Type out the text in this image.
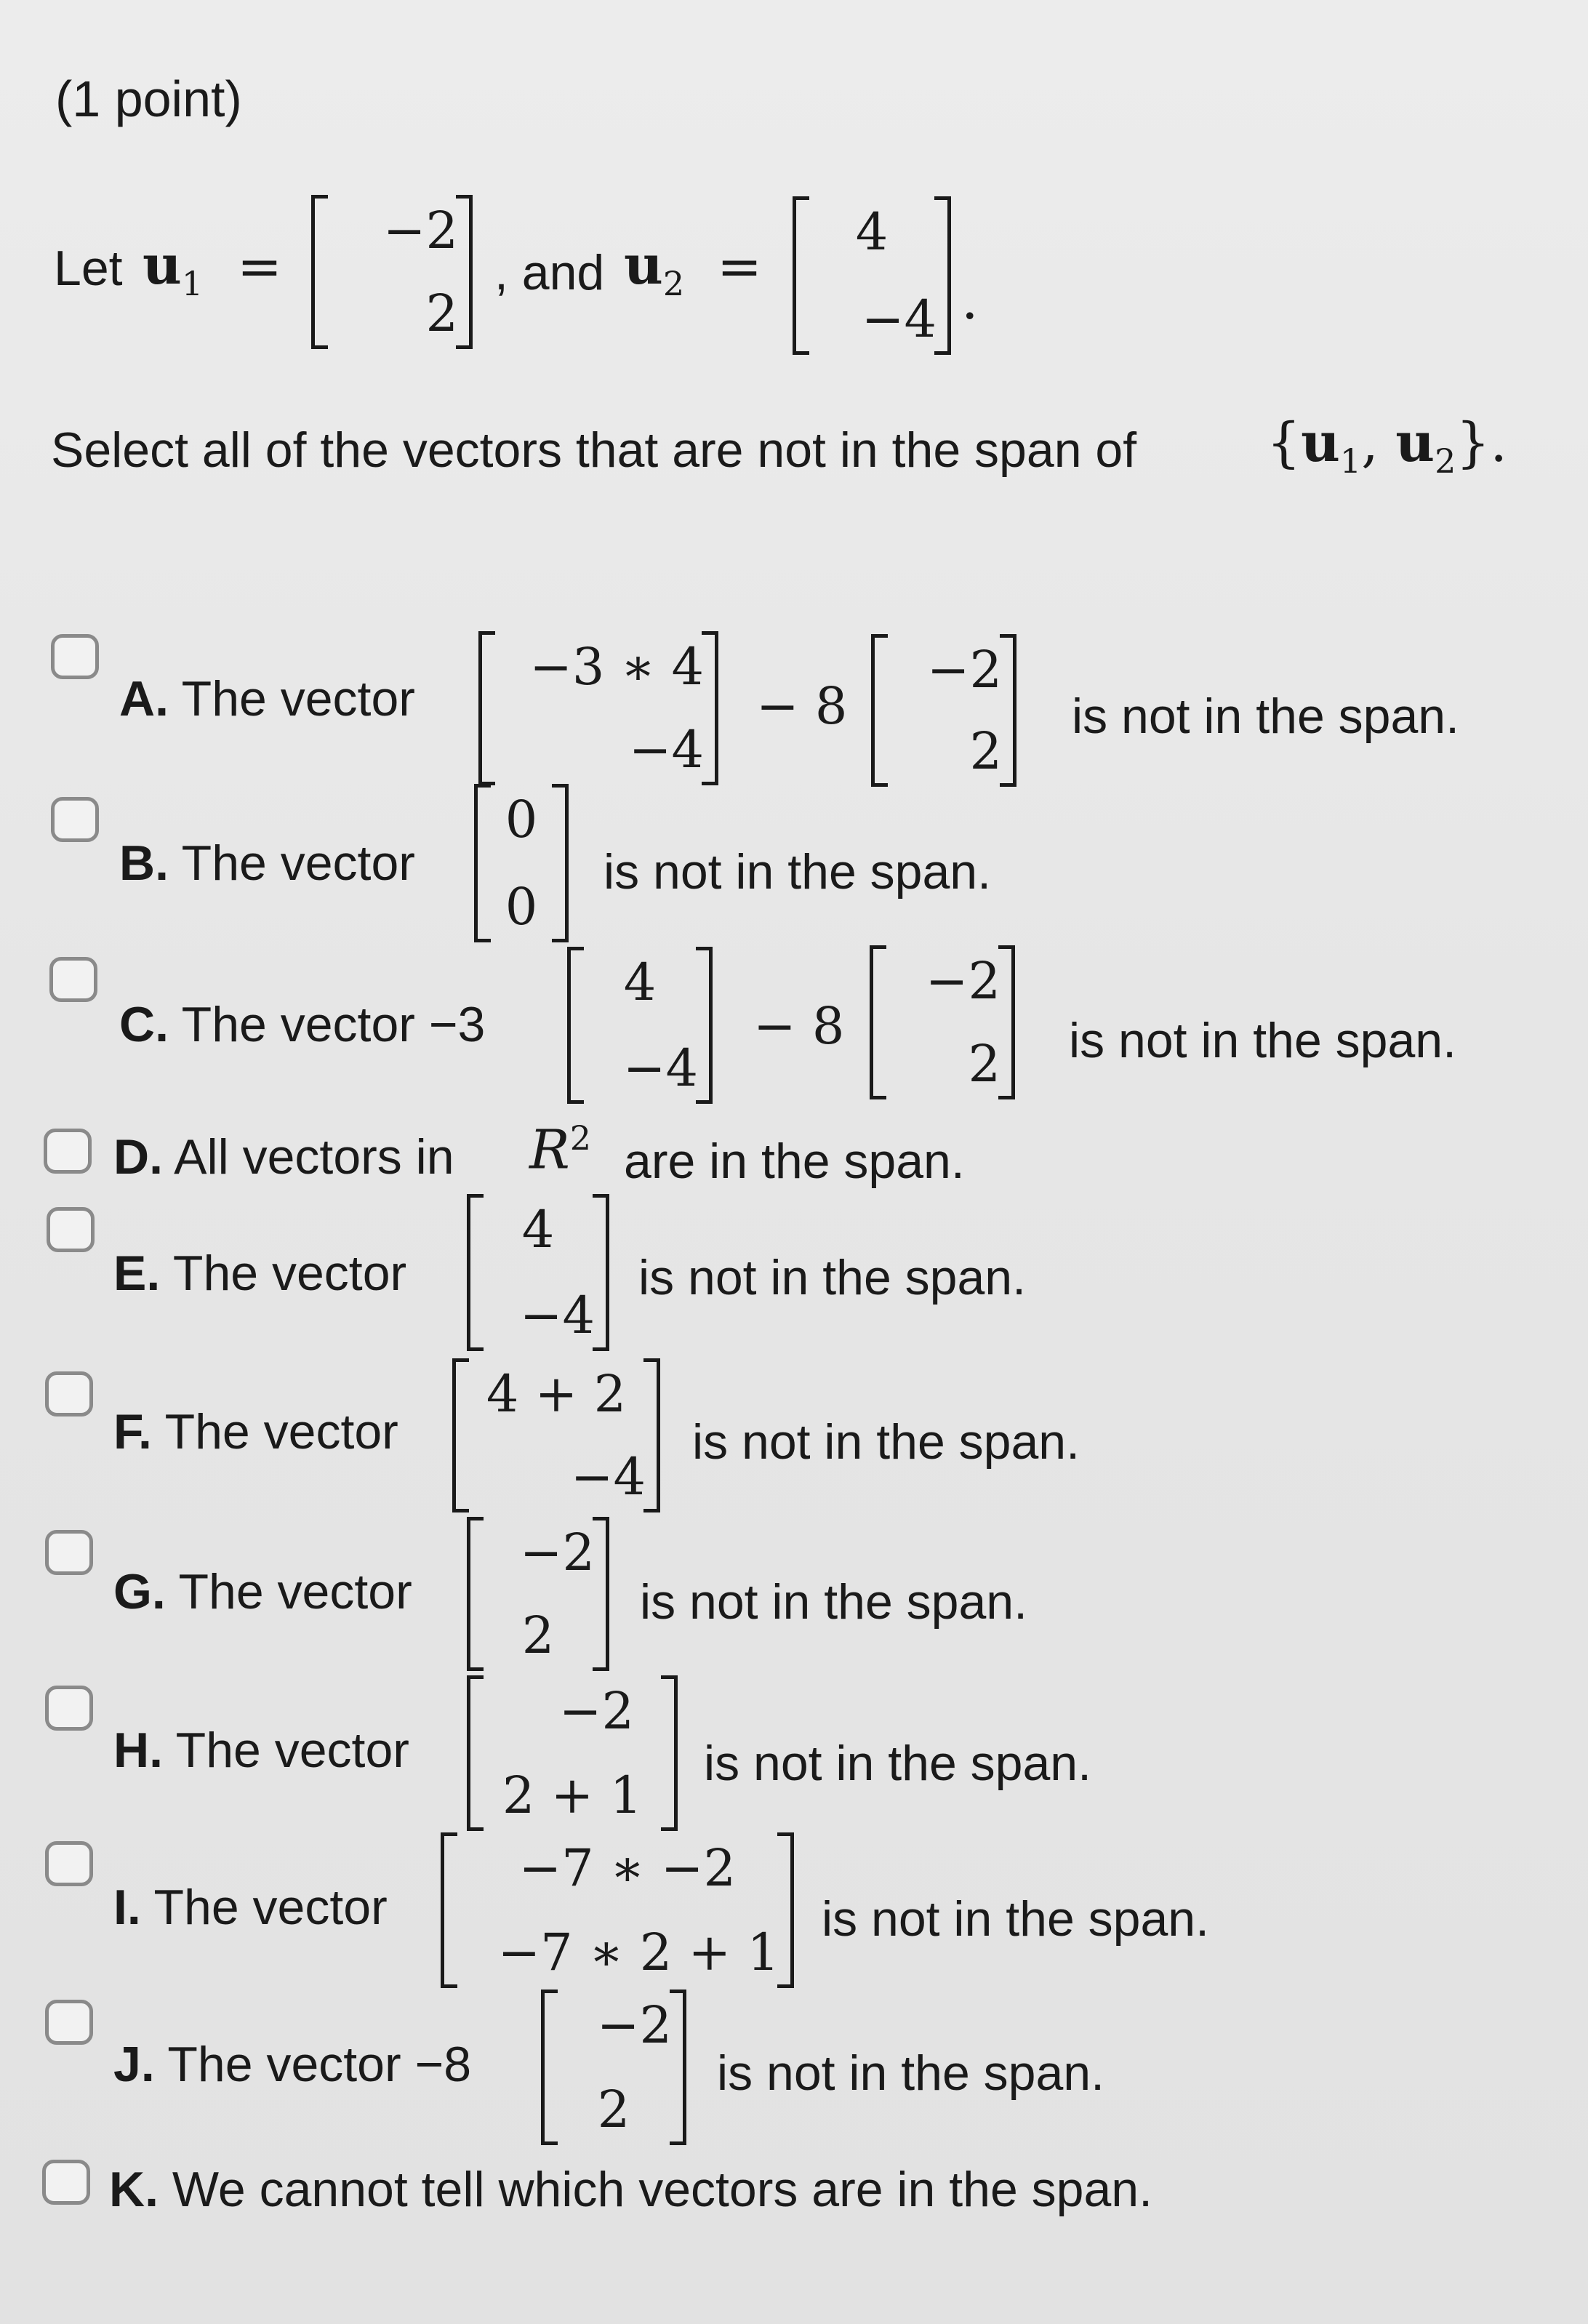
(1 point)
Let $u_1$ =
−2
2
, and $u_2$ =
4
−4 .
Select all of the vectors that are not in the span of {$u_1$, $u_2$}.
A. The vector
−3 ∗ 4
−4
− 8
−2
2
is not in the span.
B. The vector
0
0
is not in the span.
C. The vector −3
4
−4
− 8
−2
2 is not in the span.
D. All vectors in $R^2$ are in the span.
E. The vector
4
−4
is not in the span.
F. The vector
4 + 2
−4
is not in the span.
G. The vector
−2
2
is not in the span.
H. The vector
−2
2 + 1
is not in the span.
I. The vector
−7 ∗ −2
−7 ∗ 2 + 1
is not in the span.
J. The vector −8
−2
2
is not in the span.
K. We cannot tell which vectors are in the span.
